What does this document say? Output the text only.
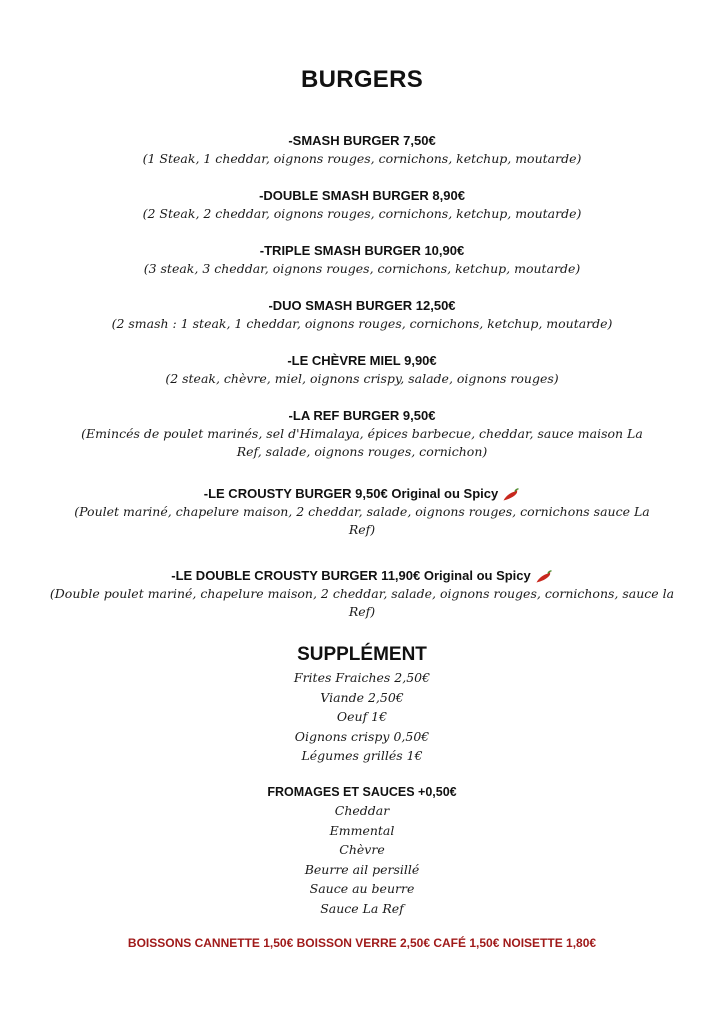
BURGERS
-SMASH BURGER 7,50€
(1 Steak, 1 cheddar, oignons rouges, cornichons, ketchup, moutarde)
-DOUBLE SMASH BURGER 8,90€
(2 Steak, 2 cheddar, oignons rouges, cornichons, ketchup, moutarde)
-TRIPLE SMASH BURGER 10,90€
(3 steak, 3 cheddar, oignons rouges, cornichons, ketchup, moutarde)
-DUO SMASH BURGER 12,50€
(2 smash : 1 steak, 1 cheddar, oignons rouges, cornichons, ketchup, moutarde)
-LE CHÈVRE MIEL 9,90€
(2 steak, chèvre, miel, oignons crispy, salade, oignons rouges)
-LA REF BURGER 9,50€
(Emincés de poulet marinés, sel d'Himalaya, épices barbecue, cheddar, sauce maison La
Ref, salade, oignons rouges, cornichon)
-LE CROUSTY BURGER 9,50€ Original ou Spicy
(Poulet mariné, chapelure maison, 2 cheddar, salade, oignons rouges, cornichons sauce La
Ref)
-LE DOUBLE CROUSTY BURGER 11,90€ Original ou Spicy
(Double poulet mariné, chapelure maison, 2 cheddar, salade, oignons rouges, cornichons, sauce la
Ref)
SUPPLÉMENT
Frites Fraiches 2,50€
Viande 2,50€
Oeuf 1€
Oignons crispy 0,50€
Légumes grillés 1€
FROMAGES ET SAUCES +0,50€
Cheddar
Emmental
Chèvre
Beurre ail persillé
Sauce au beurre
Sauce La Ref
BOISSONS CANNETTE 1,50€ BOISSON VERRE 2,50€ CAFÉ 1,50€ NOISETTE 1,80€
